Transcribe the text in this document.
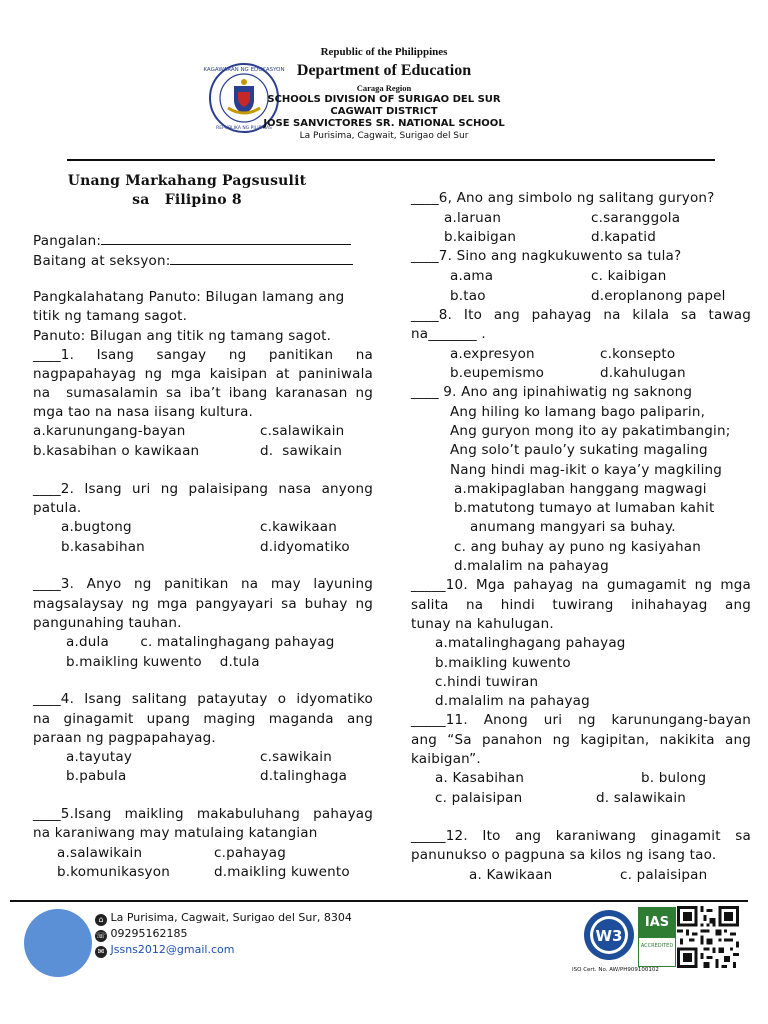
KAGAWARAN NG EDUKASYON
REPUBLIKA NG PILIPINAS
Republic of the Philippines
Department of Education
Caraga Region
SCHOOLS DIVISION OF SURIGAO DEL SUR
CAGWAIT DISTRICT
JOSE SANVICTORES SR. NATIONAL SCHOOL
La Purisima, Cagwait, Surigao del Sur
Unang Markahang Pagsusulit
sa   Filipino 8
Pangalan:
Baitang at seksyon:
Pangkalahatang Panuto: Bilugan lamang ang
titik ng tamang sagot.
Panuto: Bilugan ang titik ng tamang sagot.
____1.  Isang  sangay  ng  panitikan  na
nagpapahayag ng mga kaisipan at paniniwala
na  sumasalamin sa iba’t ibang karanasan ng
mga tao na nasa iisang kultura.
a.karunungang-bayan	c.salawikain
b.kasabihan o kawikaan	d.  sawikain
____2. Isang uri ng palaisipang nasa anyong
patula.
a.bugtong	c.kawikaan
b.kasabihan	d.idyomatiko
____3. Anyo ng panitikan na may layuning
magsalaysay ng mga pangyayari sa buhay ng
pangunahing tauhan.
a.dula       c. matalinghagang pahayag
b.maikling kuwento    d.tula
____4. Isang salitang patayutay o idyomatiko
na ginagamit upang maging maganda ang
paraan ng pagpapahayag.
a.tayutay	c.sawikain
b.pabula	d.talinghaga
____5.Isang maikling makabuluhang pahayag
na karaniwang may matulaing katangian
a.salawikain	c.pahayag
b.komunikasyon	d.maikling kuwento
____6, Ano ang simbolo ng salitang guryon?
a.laruan	c.saranggola
b.kaibigan	d.kapatid
____7. Sino ang nagkukuwento sa tula?
a.ama	c. kaibigan
b.tao	d.eroplanong papel
____8.  Ito  ang  pahayag  na  kilala  sa  tawag
na_______ .
a.expresyon	c.konsepto
b.eupemismo	d.kahulugan
____ 9. Ano ang ipinahiwatig ng saknong
Ang hiling ko lamang bago paliparin,
Ang guryon mong ito ay pakatimbangin;
Ang solo’t paulo’y sukating magaling
Nang hindi mag-ikit o kaya’y magkiling
a.makipaglaban hanggang magwagi
b.matutong tumayo at lumaban kahit
anumang mangyari sa buhay.
c. ang buhay ay puno ng kasiyahan
d.malalim na pahayag
_____10. Mga pahayag na gumagamit ng mga
salita  na  hindi  tuwirang  inihahayag  ang
tunay na kahulugan.
a.matalinghagang pahayag
b.maikling kuwento
c.hindi tuwiran
d.malalim na pahayag
_____11.  Anong  uri  ng  karunungang-bayan
ang “Sa panahon ng kagipitan, nakikita ang
kaibigan”.
a. Kasabihan	b. bulong
c. palaisipan	d. salawikain
_____12.  Ito  ang  karaniwang  ginagamit  sa
panunukso o pagpuna sa kilos ng isang tao.
a. Kawikaan	c. palaisipan
⌂ La Purisima, Cagwait, Surigao del Sur, 8304
☏ 09295162185
✉ Jssns2012@gmail.com
W3
IAS
ACCREDITED
ISO Cert. No. AW/PH909100102
